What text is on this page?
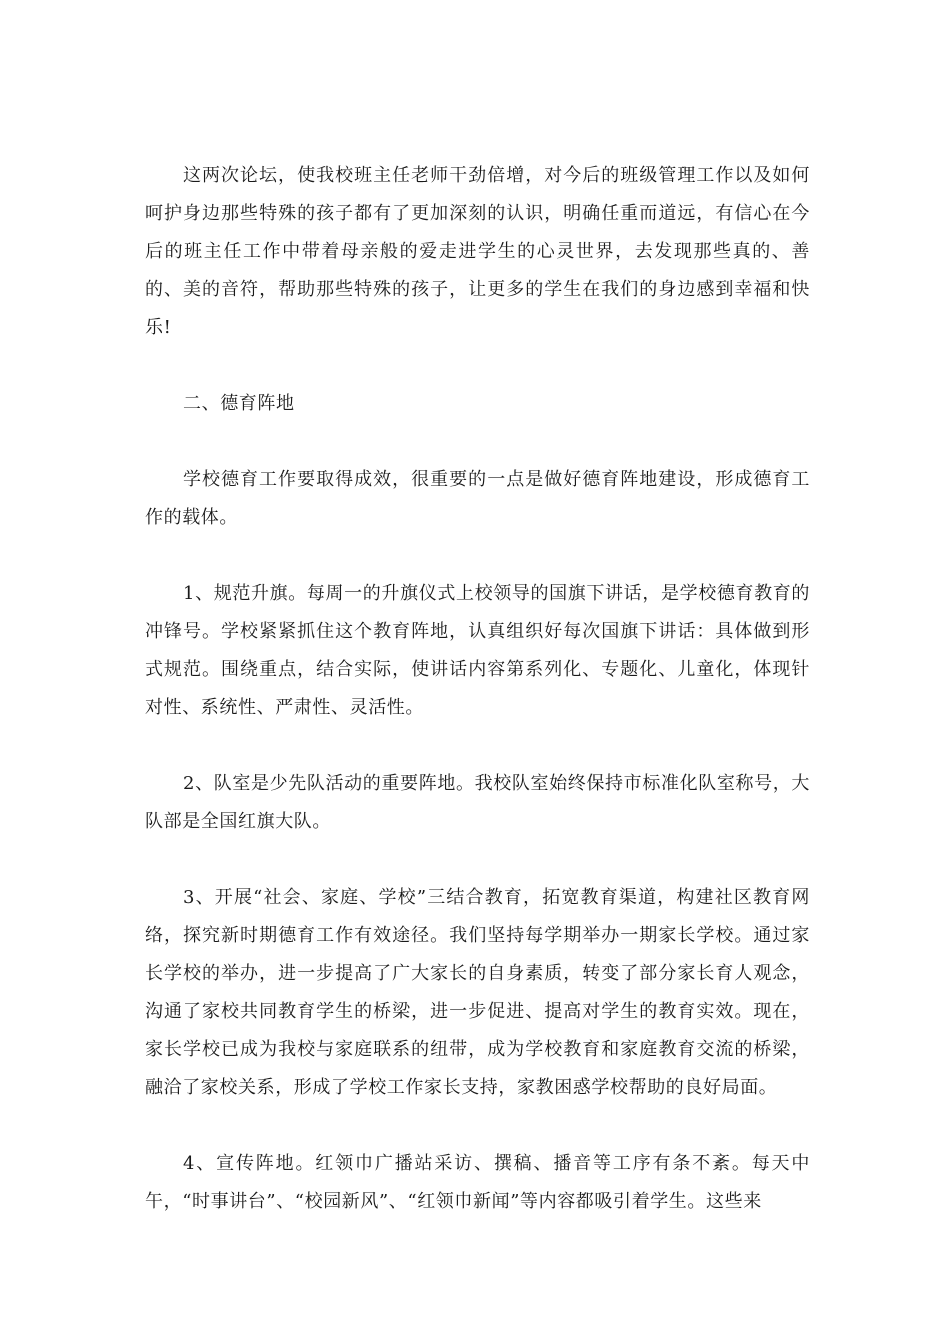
这两次论坛，使我校班主任老师干劲倍增，对今后的班级管理工作以及如何呵护身边那些特殊的孩子都有了更加深刻的认识，明确任重而道远，有信心在今后的班主任工作中带着母亲般的爱走进学生的心灵世界，去发现那些真的、善的、美的音符，帮助那些特殊的孩子，让更多的学生在我们的身边感到幸福和快乐!

二、德育阵地

学校德育工作要取得成效，很重要的一点是做好德育阵地建设，形成德育工作的载体。

1、规范升旗。每周一的升旗仪式上校领导的国旗下讲话，是学校德育教育的冲锋号。学校紧紧抓住这个教育阵地，认真组织好每次国旗下讲话：具体做到形式规范。围绕重点，结合实际，使讲话内容第系列化、专题化、儿童化，体现针对性、系统性、严肃性、灵活性。

2、队室是少先队活动的重要阵地。我校队室始终保持市标准化队室称号，大队部是全国红旗大队。

3、开展“社会、家庭、学校”三结合教育，拓宽教育渠道，构建社区教育网络，探究新时期德育工作有效途径。我们坚持每学期举办一期家长学校。通过家长学校的举办，进一步提高了广大家长的自身素质，转变了部分家长育人观念，沟通了家校共同教育学生的桥梁，进一步促进、提高对学生的教育实效。现在，家长学校已成为我校与家庭联系的纽带，成为学校教育和家庭教育交流的桥梁，融洽了家校关系，形成了学校工作家长支持，家教困惑学校帮助的良好局面。

4、宣传阵地。红领巾广播站采访、撰稿、播音等工序有条不紊。每天中午，“时事讲台”、“校园新风”、“红领巾新闻”等内容都吸引着学生。这些来
